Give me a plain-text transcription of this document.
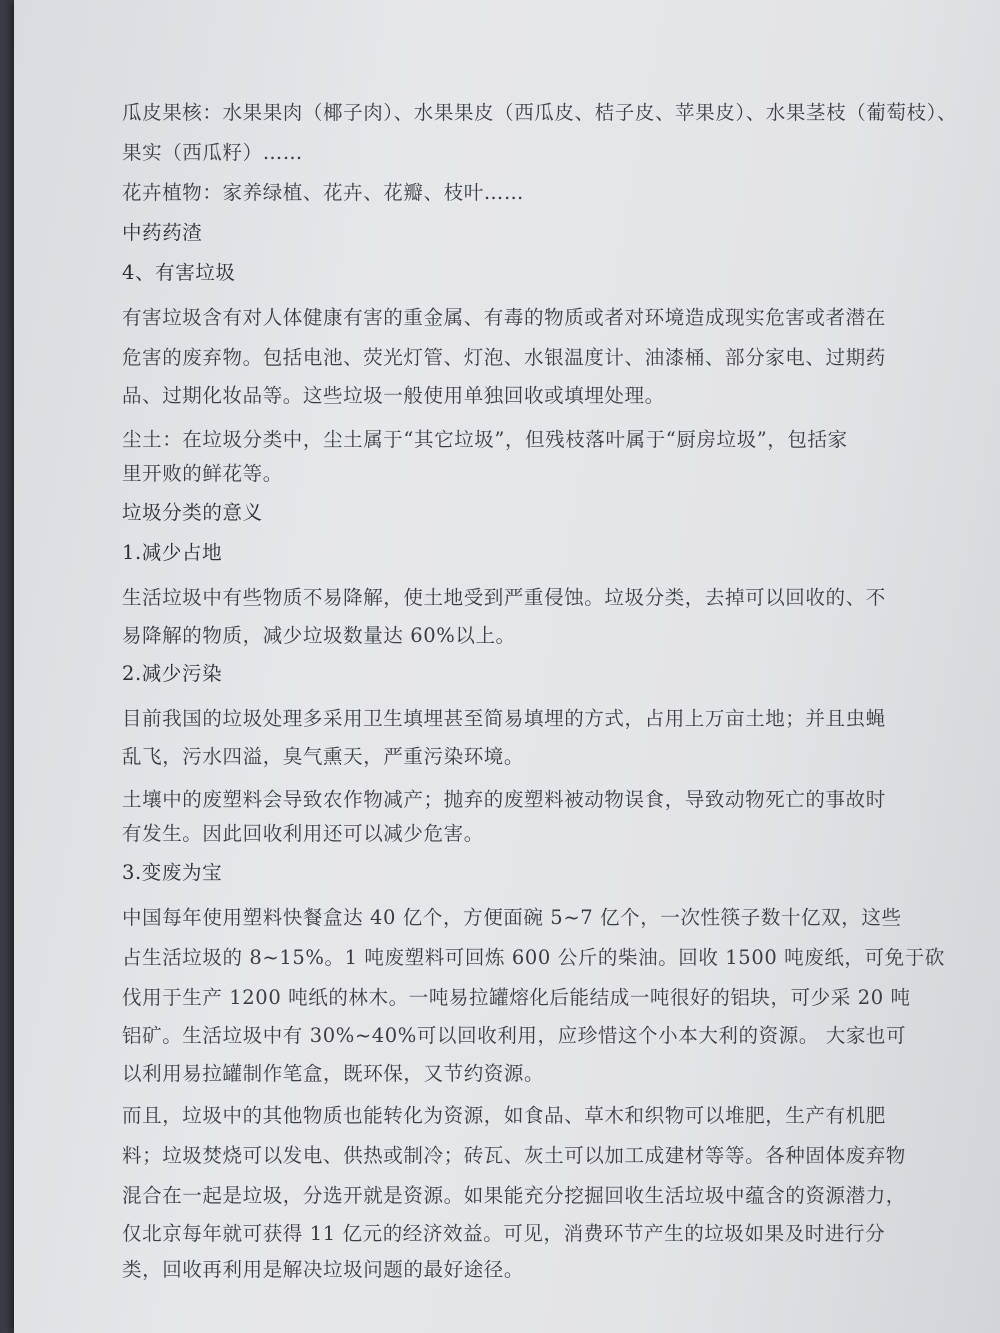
瓜皮果核：水果果肉（椰子肉）、水果果皮（西瓜皮、桔子皮、苹果皮）、水果茎枝（葡萄枝）、
果实（西瓜籽）……
花卉植物：家养绿植、花卉、花瓣、枝叶……
中药药渣
4、有害垃圾
有害垃圾含有对人体健康有害的重金属、有毒的物质或者对环境造成现实危害或者潜在
危害的废弃物。包括电池、荧光灯管、灯泡、水银温度计、油漆桶、部分家电、过期药
品、过期化妆品等。这些垃圾一般使用单独回收或填埋处理。
尘土：在垃圾分类中，尘土属于“其它垃圾”，但残枝落叶属于“厨房垃圾”，包括家
里开败的鲜花等。
垃圾分类的意义
1.减少占地
生活垃圾中有些物质不易降解，使土地受到严重侵蚀。垃圾分类，去掉可以回收的、不
易降解的物质，减少垃圾数量达 60%以上。
2.减少污染
目前我国的垃圾处理多采用卫生填埋甚至简易填埋的方式，占用上万亩土地；并且虫蝇
乱飞，污水四溢，臭气熏天，严重污染环境。
土壤中的废塑料会导致农作物减产；抛弃的废塑料被动物误食，导致动物死亡的事故时
有发生。因此回收利用还可以减少危害。
3.变废为宝
中国每年使用塑料快餐盒达 40 亿个，方便面碗 5~7 亿个，一次性筷子数十亿双，这些
占生活垃圾的 8~15%。1 吨废塑料可回炼 600 公斤的柴油。回收 1500 吨废纸，可免于砍
伐用于生产 1200 吨纸的林木。一吨易拉罐熔化后能结成一吨很好的铝块，可少采 20 吨
铝矿。生活垃圾中有 30%~40%可以回收利用，应珍惜这个小本大利的资源。 大家也可
以利用易拉罐制作笔盒，既环保，又节约资源。
而且，垃圾中的其他物质也能转化为资源，如食品、草木和织物可以堆肥，生产有机肥
料；垃圾焚烧可以发电、供热或制冷；砖瓦、灰土可以加工成建材等等。各种固体废弃物
混合在一起是垃圾，分选开就是资源。如果能充分挖掘回收生活垃圾中蕴含的资源潜力，
仅北京每年就可获得 11 亿元的经济效益。可见，消费环节产生的垃圾如果及时进行分
类，回收再利用是解决垃圾问题的最好途径。
